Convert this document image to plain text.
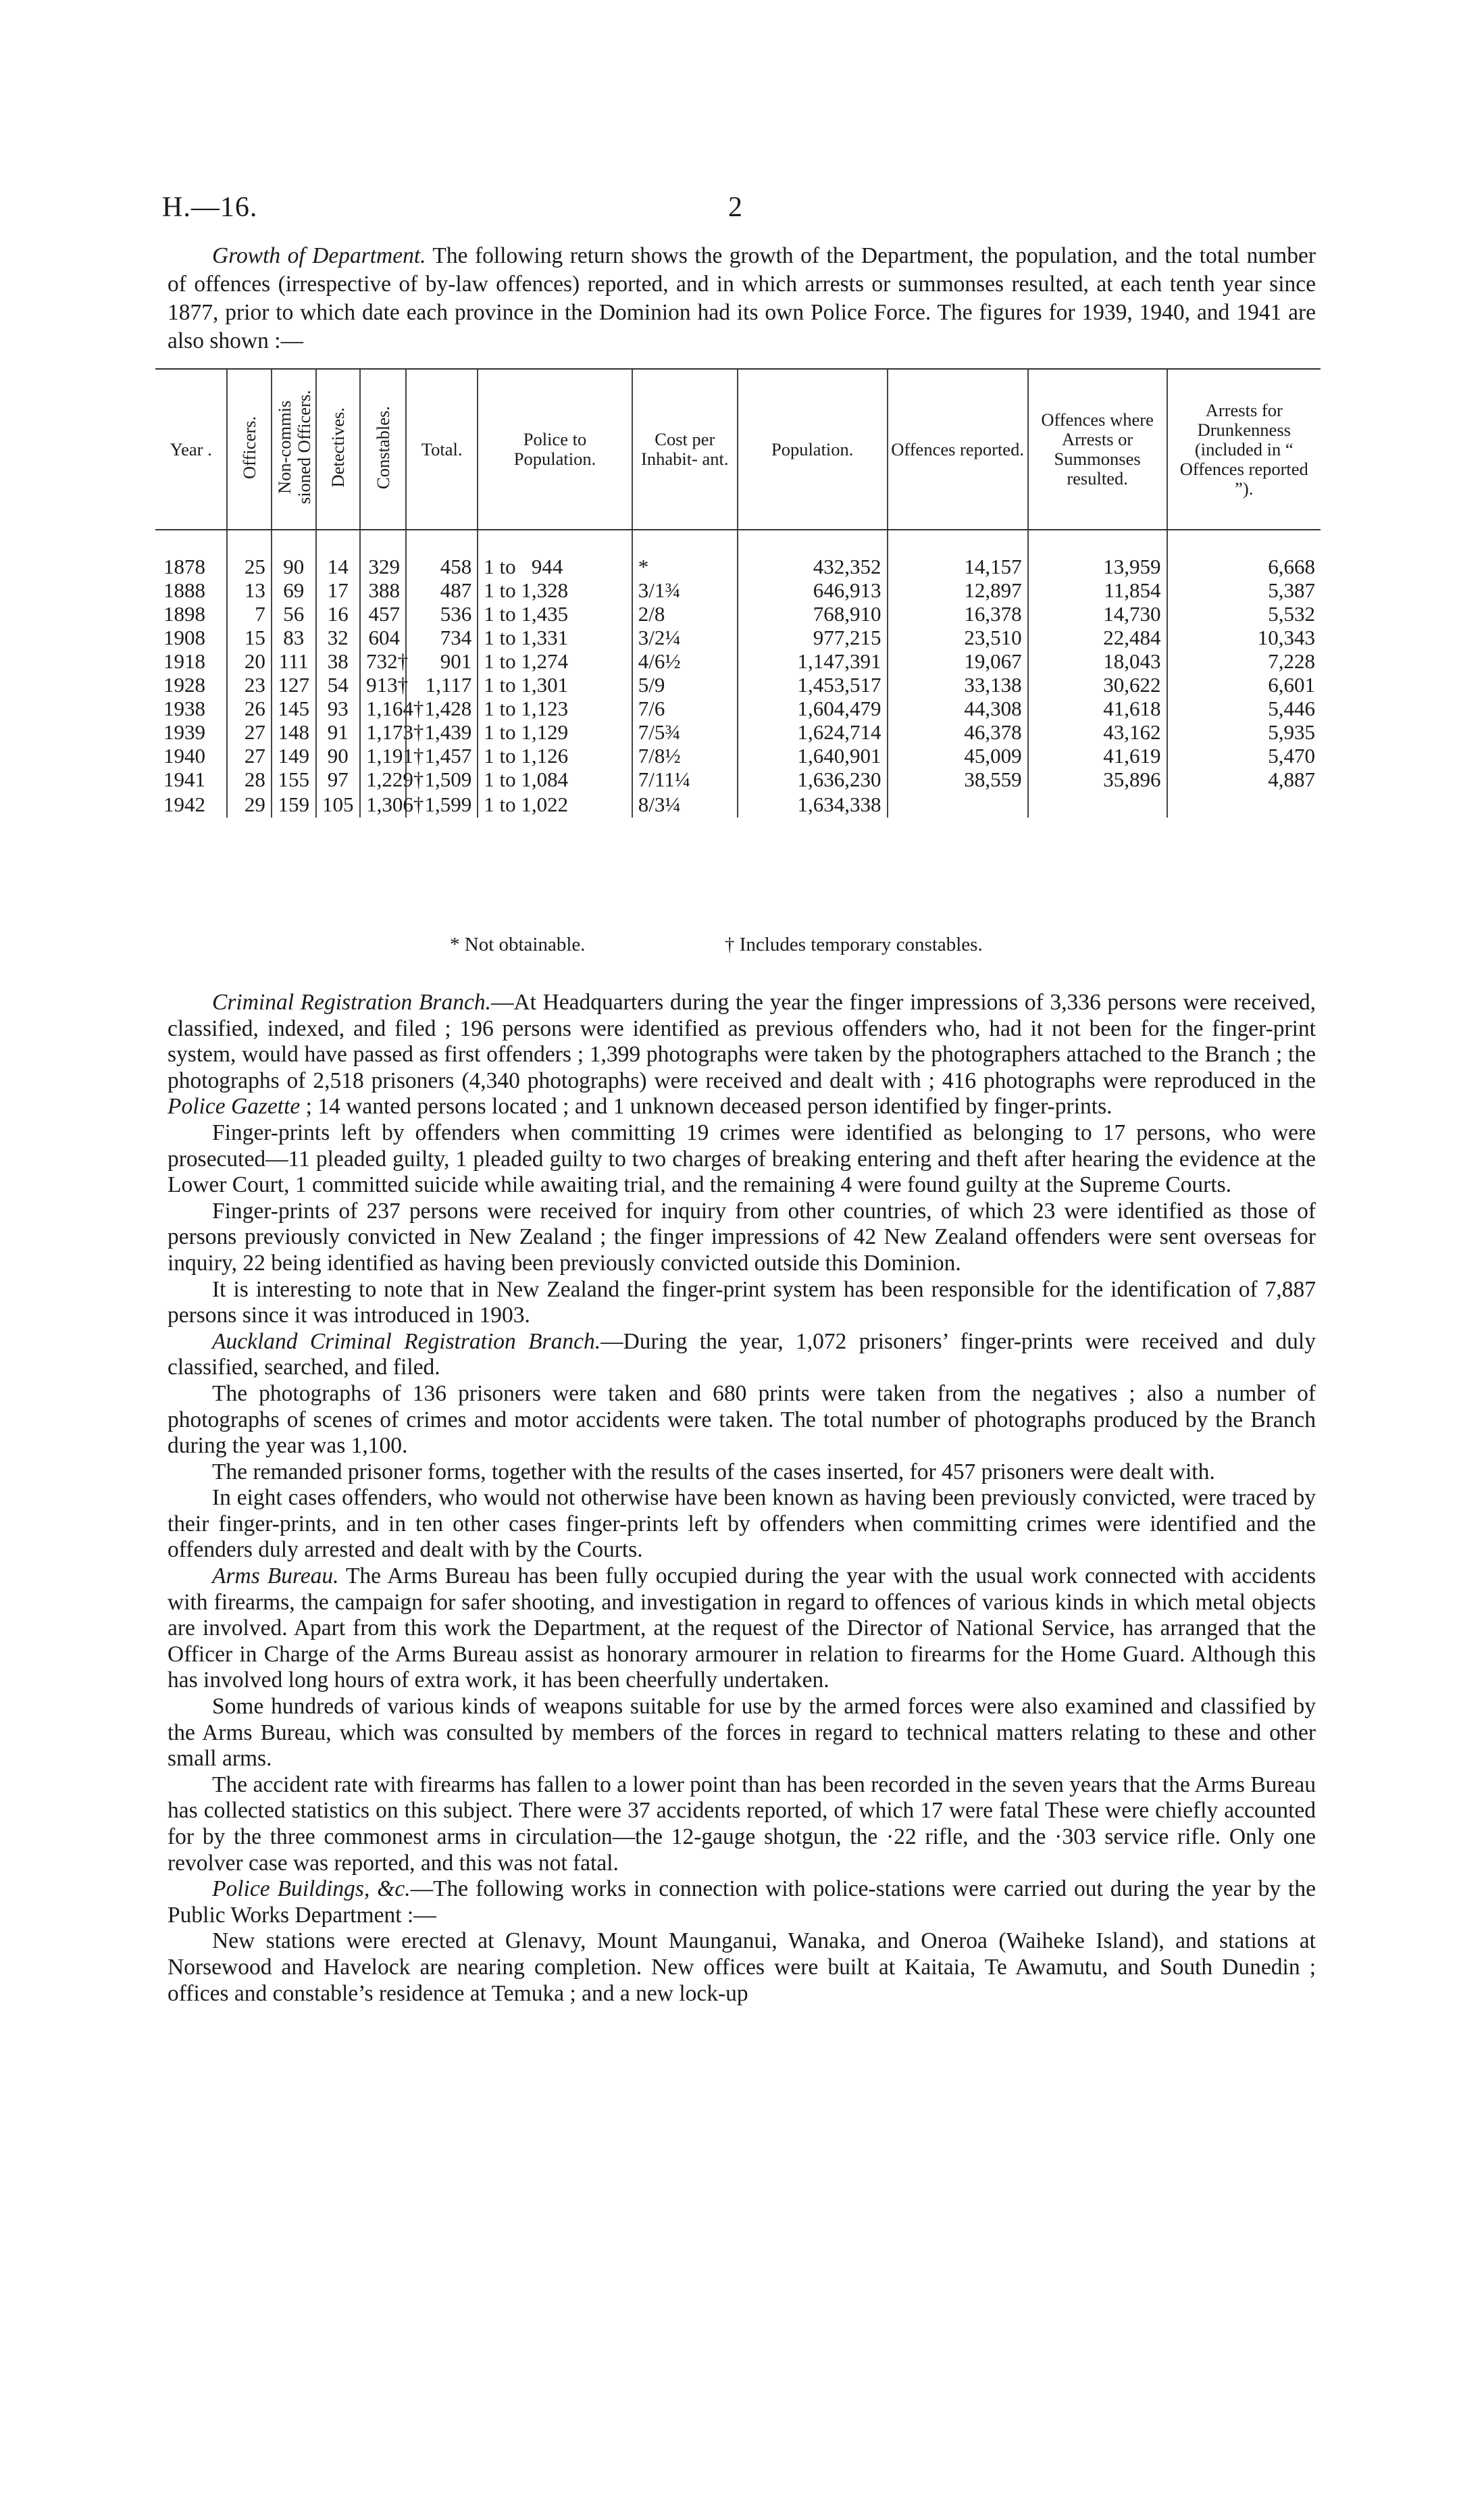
H.—16.	2
Growth of Department. The following return shows the growth of the Department, the population, and the total number of offences (irrespective of by-law offences) reported, and in which arrests or summonses resulted, at each tenth year since 1877, prior to which date each province in the Dominion had its own Police Force. The figures for 1939, 1940, and 1941 are also shown :—
Year .	Officers.	Non-commis sioned Officers.	Detectives.	Constables.	Total.	Police to Population.	Cost per Inhabit- ant.	Population.	Offences reported.	Offences where Arrests or Summonses resulted.	Arrests for Drunkenness (included in “ Offences reported ”).

1878	25	90	14	329	458	1 to   944	*	432,352	14,157	13,959	6,668
1888	13	69	17	388	487	1 to 1,328	3/1¾	646,913	12,897	11,854	5,387
1898	7	56	16	457	536	1 to 1,435	2/8	768,910	16,378	14,730	5,532
1908	15	83	32	604	734	1 to 1,331	3/2¼	977,215	23,510	22,484	10,343
1918	20	111	38	732†	901	1 to 1,274	4/6½	1,147,391	19,067	18,043	7,228
1928	23	127	54	913†	1,117	1 to 1,301	5/9	1,453,517	33,138	30,622	6,601
1938	26	145	93	1,164†	1,428	1 to 1,123	7/6	1,604,479	44,308	41,618	5,446
1939	27	148	91	1,173†	1,439	1 to 1,129	7/5¾	1,624,714	46,378	43,162	5,935
1940	27	149	90	1,191†	1,457	1 to 1,126	7/8½	1,640,901	45,009	41,619	5,470
1941	28	155	97	1,229†	1,509	1 to 1,084	7/11¼	1,636,230	38,559	35,896	4,887
1942	29	159	105	1,306†	1,599	1 to 1,022	8/3¼	1,634,338			
* Not obtainable.	† Includes temporary constables.

Criminal Registration Branch.—At Headquarters during the year the finger impressions of 3,336 persons were received, classified, indexed, and filed ; 196 persons were identified as previous offenders who, had it not been for the finger-print system, would have passed as first offenders ; 1,399 photographs were taken by the photographers attached to the Branch ; the photographs of 2,518 prisoners (4,340 photographs) were received and dealt with ; 416 photographs were reproduced in the Police Gazette ; 14 wanted persons located ; and 1 unknown deceased person identified by finger-prints.

Finger-prints left by offenders when committing 19 crimes were identified as belonging to 17 persons, who were prosecuted—11 pleaded guilty, 1 pleaded guilty to two charges of breaking entering and theft after hearing the evidence at the Lower Court, 1 committed suicide while awaiting trial, and the remaining 4 were found guilty at the Supreme Courts.

Finger-prints of 237 persons were received for inquiry from other countries, of which 23 were identified as those of persons previously convicted in New Zealand ; the finger impressions of 42 New Zealand offenders were sent overseas for inquiry, 22 being identified as having been previously convicted outside this Dominion.

It is interesting to note that in New Zealand the finger-print system has been responsible for the identification of 7,887 persons since it was introduced in 1903.

Auckland Criminal Registration Branch.—During the year, 1,072 prisoners’ finger-prints were received and duly classified, searched, and filed.

The photographs of 136 prisoners were taken and 680 prints were taken from the negatives ; also a number of photographs of scenes of crimes and motor accidents were taken. The total number of photographs produced by the Branch during the year was 1,100.

The remanded prisoner forms, together with the results of the cases inserted, for 457 prisoners were dealt with.

In eight cases offenders, who would not otherwise have been known as having been previously convicted, were traced by their finger-prints, and in ten other cases finger-prints left by offenders when committing crimes were identified and the offenders duly arrested and dealt with by the Courts.

Arms Bureau. The Arms Bureau has been fully occupied during the year with the usual work connected with accidents with firearms, the campaign for safer shooting, and investigation in regard to offences of various kinds in which metal objects are involved. Apart from this work the Department, at the request of the Director of National Service, has arranged that the Officer in Charge of the Arms Bureau assist as honorary armourer in relation to firearms for the Home Guard. Although this has involved long hours of extra work, it has been cheerfully undertaken.

Some hundreds of various kinds of weapons suitable for use by the armed forces were also examined and classified by the Arms Bureau, which was consulted by members of the forces in regard to technical matters relating to these and other small arms.

The accident rate with firearms has fallen to a lower point than has been recorded in the seven years that the Arms Bureau has collected statistics on this subject. There were 37 accidents reported, of which 17 were fatal These were chiefly accounted for by the three commonest arms in circulation—the 12-gauge shotgun, the ·22 rifle, and the ·303 service rifle. Only one revolver case was reported, and this was not fatal.

Police Buildings, &c.—The following works in connection with police-stations were carried out during the year by the Public Works Department :—

New stations were erected at Glenavy, Mount Maunganui, Wanaka, and Oneroa (Waiheke Island), and stations at Norsewood and Havelock are nearing completion. New offices were built at Kaitaia, Te Awamutu, and South Dunedin ; offices and constable’s residence at Temuka ; and a new lock-up
